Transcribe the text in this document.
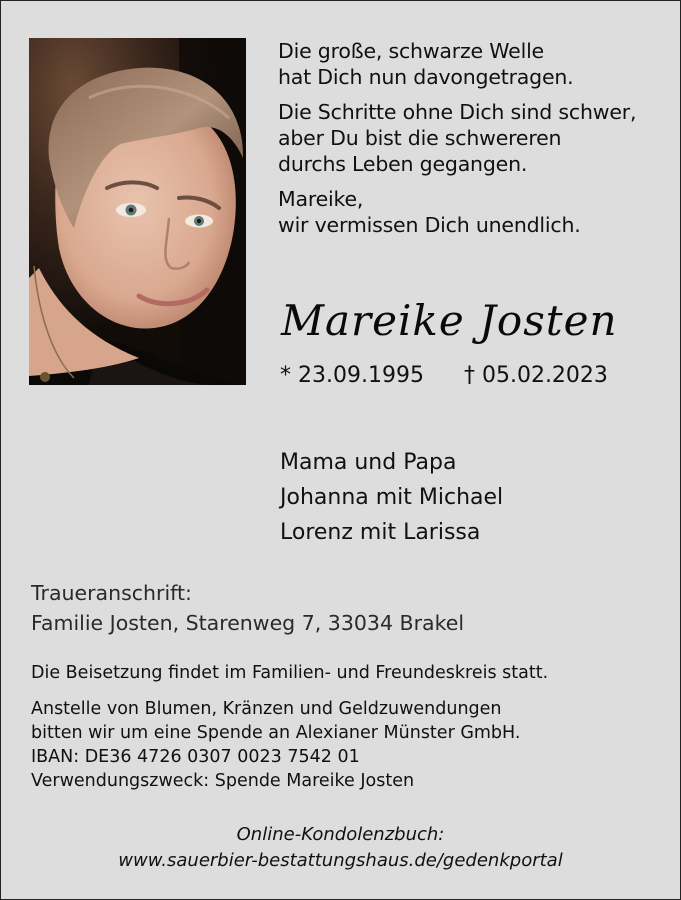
Die große, schwarze Welle
hat Dich nun davongetragen.
Die Schritte ohne Dich sind schwer,
aber Du bist die schwereren
durchs Leben gegangen.
Mareike,
wir vermissen Dich unendlich.
Mareike Josten
* 23.09.1995 † 05.02.2023
Mama und Papa
Johanna mit Michael
Lorenz mit Larissa
Traueranschrift:
Familie Josten, Starenweg 7, 33034 Brakel
Die Beisetzung findet im Familien- und Freundeskreis statt.
Anstelle von Blumen, Kränzen und Geldzuwendungen
bitten wir um eine Spende an Alexianer Münster GmbH.
IBAN: DE36 4726 0307 0023 7542 01
Verwendungszweck: Spende Mareike Josten
Online-Kondolenzbuch:
www.sauerbier-bestattungshaus.de/gedenkportal
